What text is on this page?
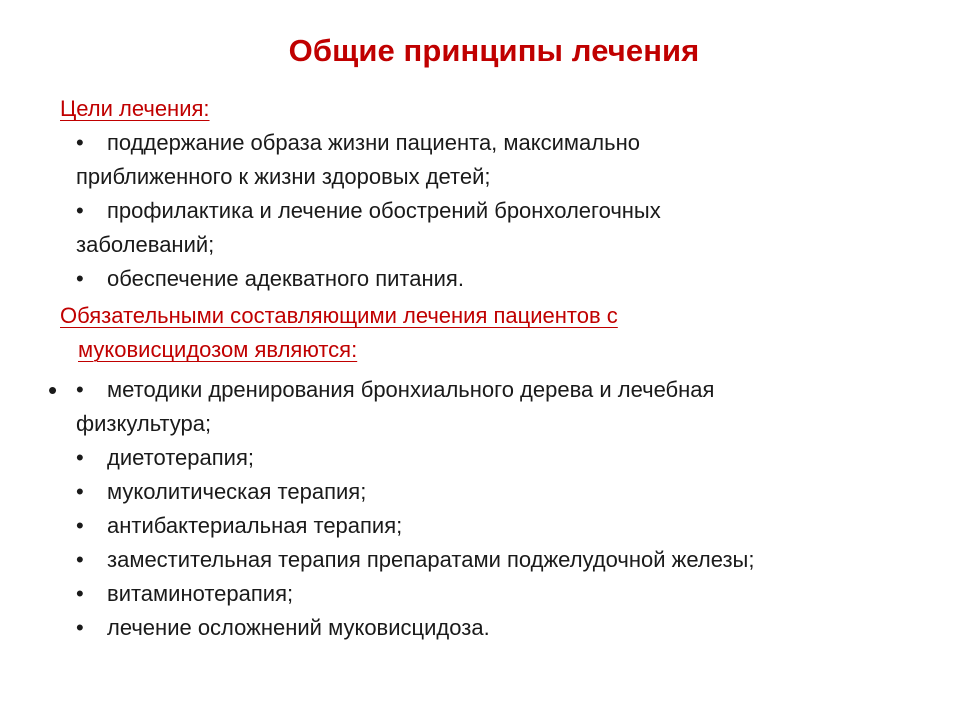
Общие принципы лечения

Цели лечения:

• поддержание образа жизни пациента, максимально
приближенного к жизни здоровых детей;
• профилактика и лечение обострений бронхолегочных
заболеваний;
• обеспечение адекватного питания.

Обязательными составляющими лечения пациентов с
муковисцидозом являются:

• • методики дренирования бронхиального дерева и лечебная
физкультура;
• диетотерапия;
• муколитическая терапия;
• антибактериальная терапия;
• заместительная терапия препаратами поджелудочной железы;
• витаминотерапия;
• лечение осложнений муковисцидоза.
